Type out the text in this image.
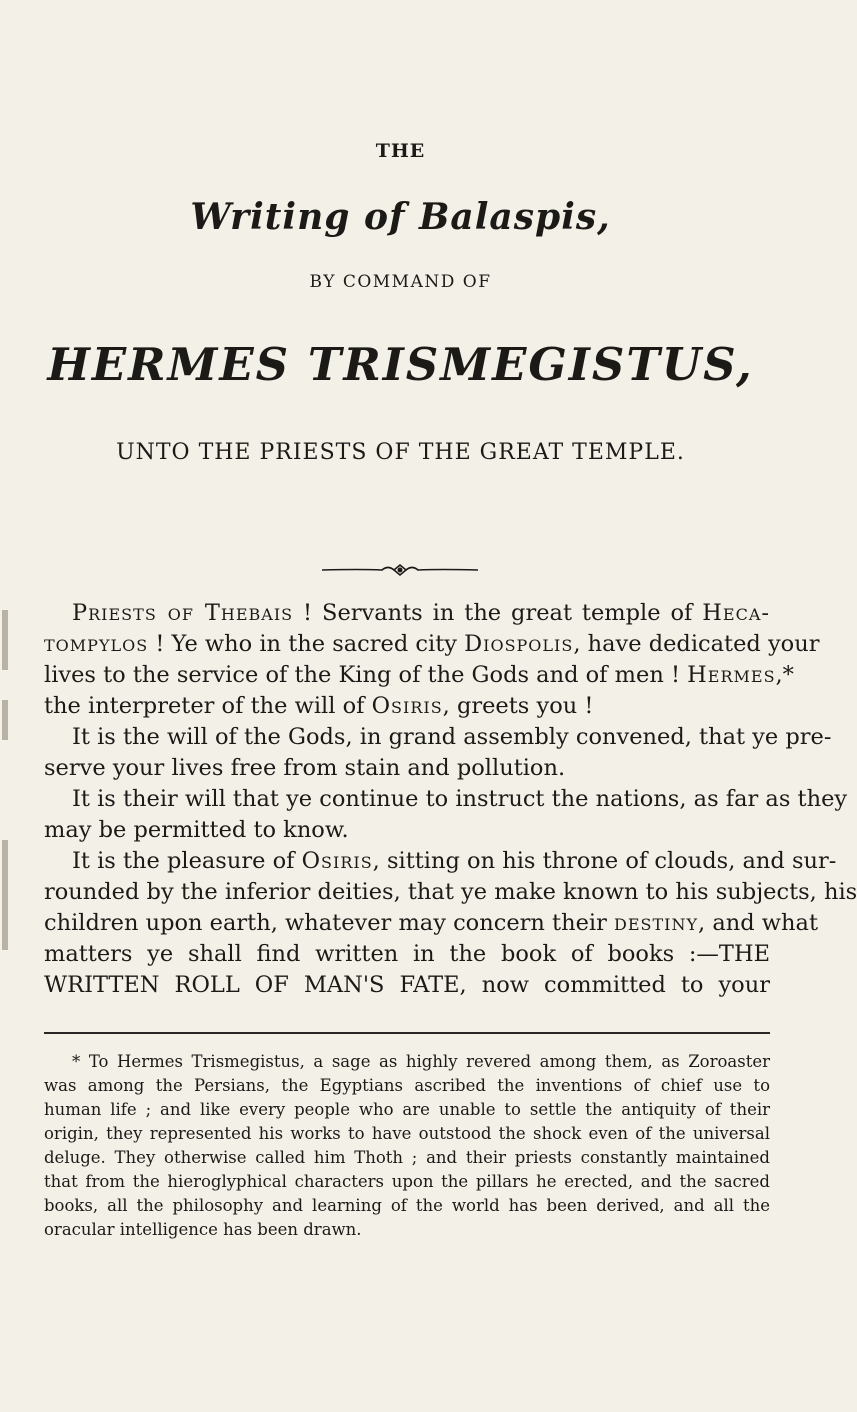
THE
Writing of Balaspis,
BY COMMAND OF
HERMES TRISMEGISTUS,
UNTO THE PRIESTS OF THE GREAT TEMPLE.
Priests of Thebais ! Servants in the great temple of Heca-
tompylos ! Ye who in the sacred city Diospolis, have dedicated your
lives to the service of the King of the Gods and of men ! Hermes,*
the interpreter of the will of Osiris, greets you !
It is the will of the Gods, in grand assembly convened, that ye pre-
serve your lives free from stain and pollution.
It is their will that ye continue to instruct the nations, as far as they
may be permitted to know.
It is the pleasure of Osiris, sitting on his throne of clouds, and sur-
rounded by the inferior deities, that ye make known to his subjects, his
children upon earth, whatever may concern their destiny, and what
matters ye shall find written in the book of books :—THE
WRITTEN ROLL OF MAN'S FATE, now committed to your
* To Hermes Trismegistus, a sage as highly revered among them, as Zoroaster
was among the Persians, the Egyptians ascribed the inventions of chief use to
human life ; and like every people who are unable to settle the antiquity of their
origin, they represented his works to have outstood the shock even of the universal
deluge. They otherwise called him Thoth ; and their priests constantly maintained
that from the hieroglyphical characters upon the pillars he erected, and the sacred
books, all the philosophy and learning of the world has been derived, and all the
oracular intelligence has been drawn.
